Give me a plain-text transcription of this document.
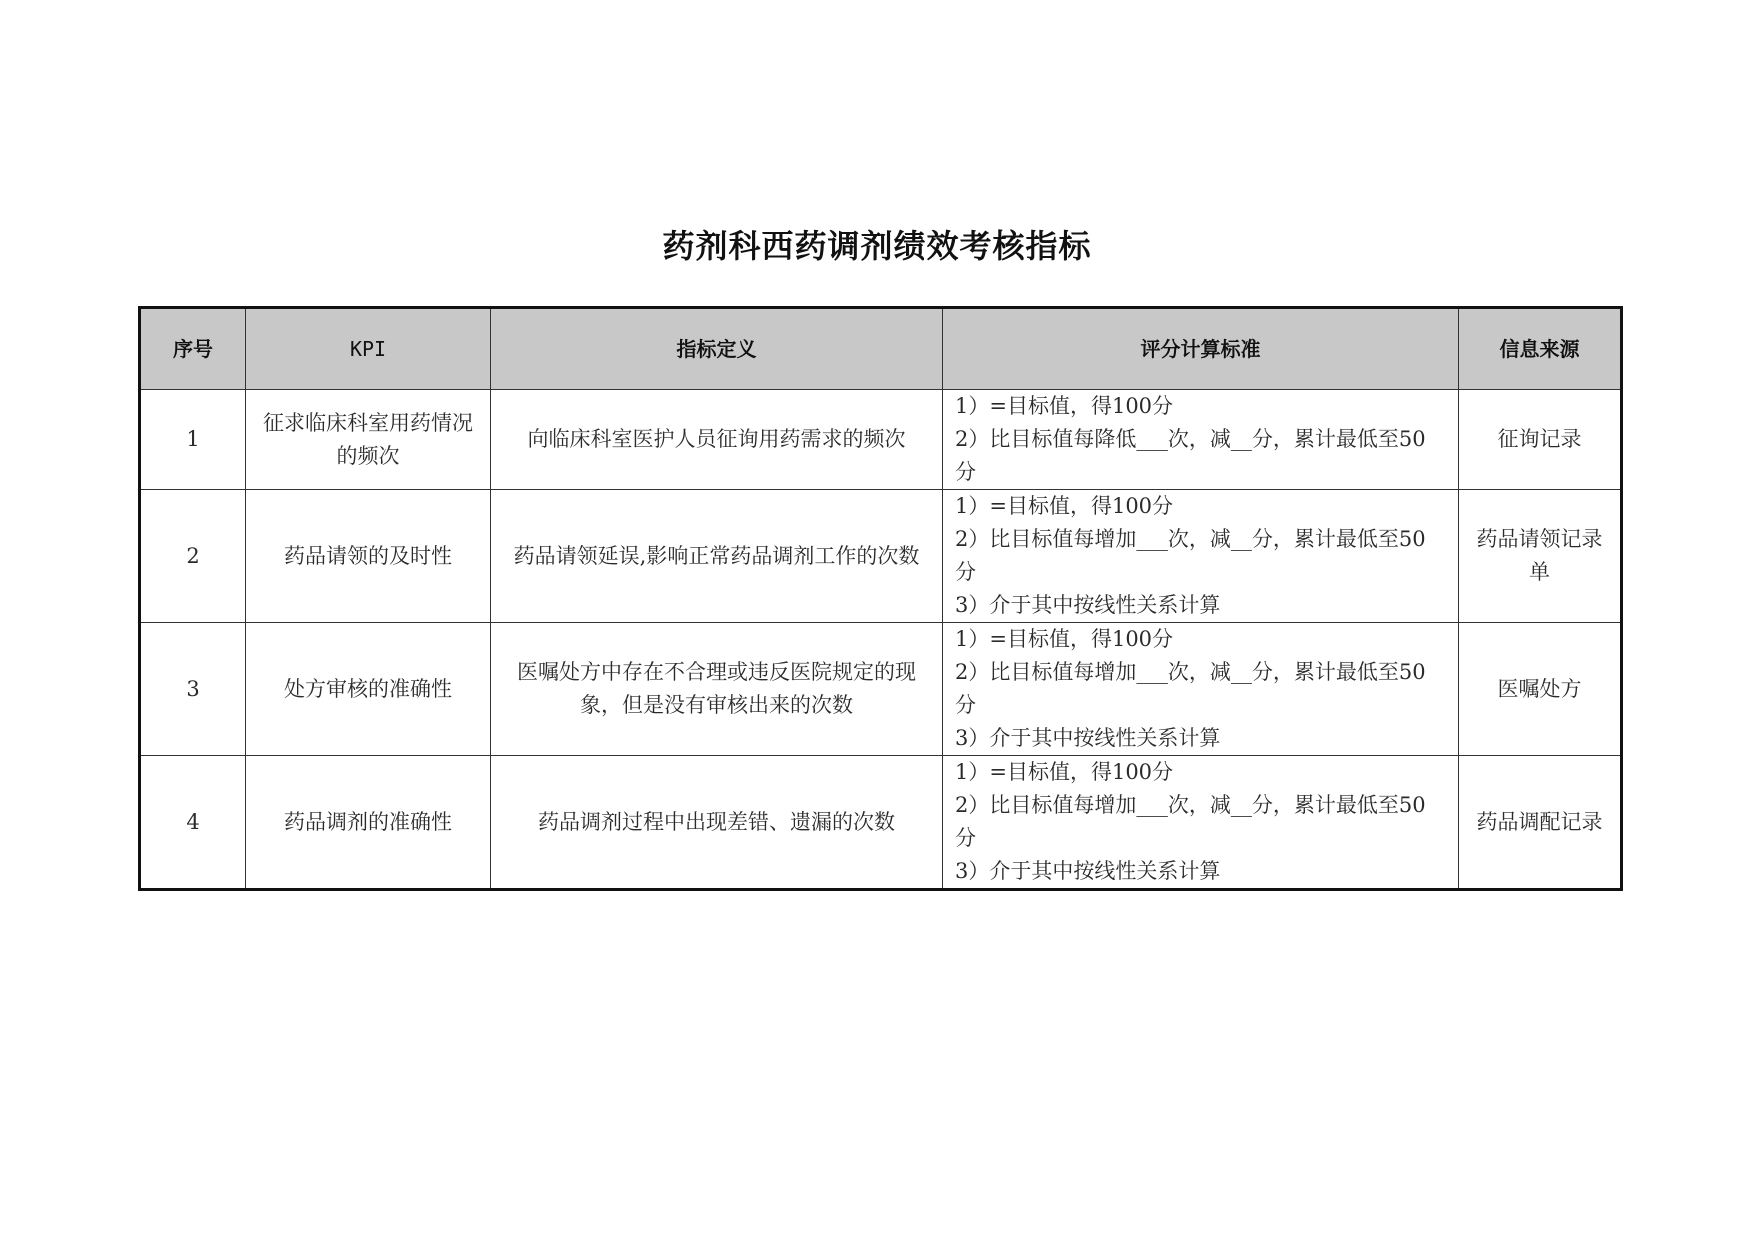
药剂科西药调剂绩效考核指标
序号	KPI	指标定义	评分计算标准	信息来源
1	征求临床科室用药情况的频次	向临床科室医护人员征询用药需求的频次	1）=目标值，得100分
2）比目标值每降低___次，减__分，累计最低至50分	征询记录
2	药品请领的及时性	药品请领延误,影响正常药品调剂工作的次数	1）=目标值，得100分
2）比目标值每增加___次，减__分，累计最低至50分
3）介于其中按线性关系计算	药品请领记录单
3	处方审核的准确性	医嘱处方中存在不合理或违反医院规定的现象，但是没有审核出来的次数	1）=目标值，得100分
2）比目标值每增加___次，减__分，累计最低至50分
3）介于其中按线性关系计算	医嘱处方
4	药品调剂的准确性	药品调剂过程中出现差错、遗漏的次数	1）=目标值，得100分
2）比目标值每增加___次，减__分，累计最低至50分
3）介于其中按线性关系计算	药品调配记录
